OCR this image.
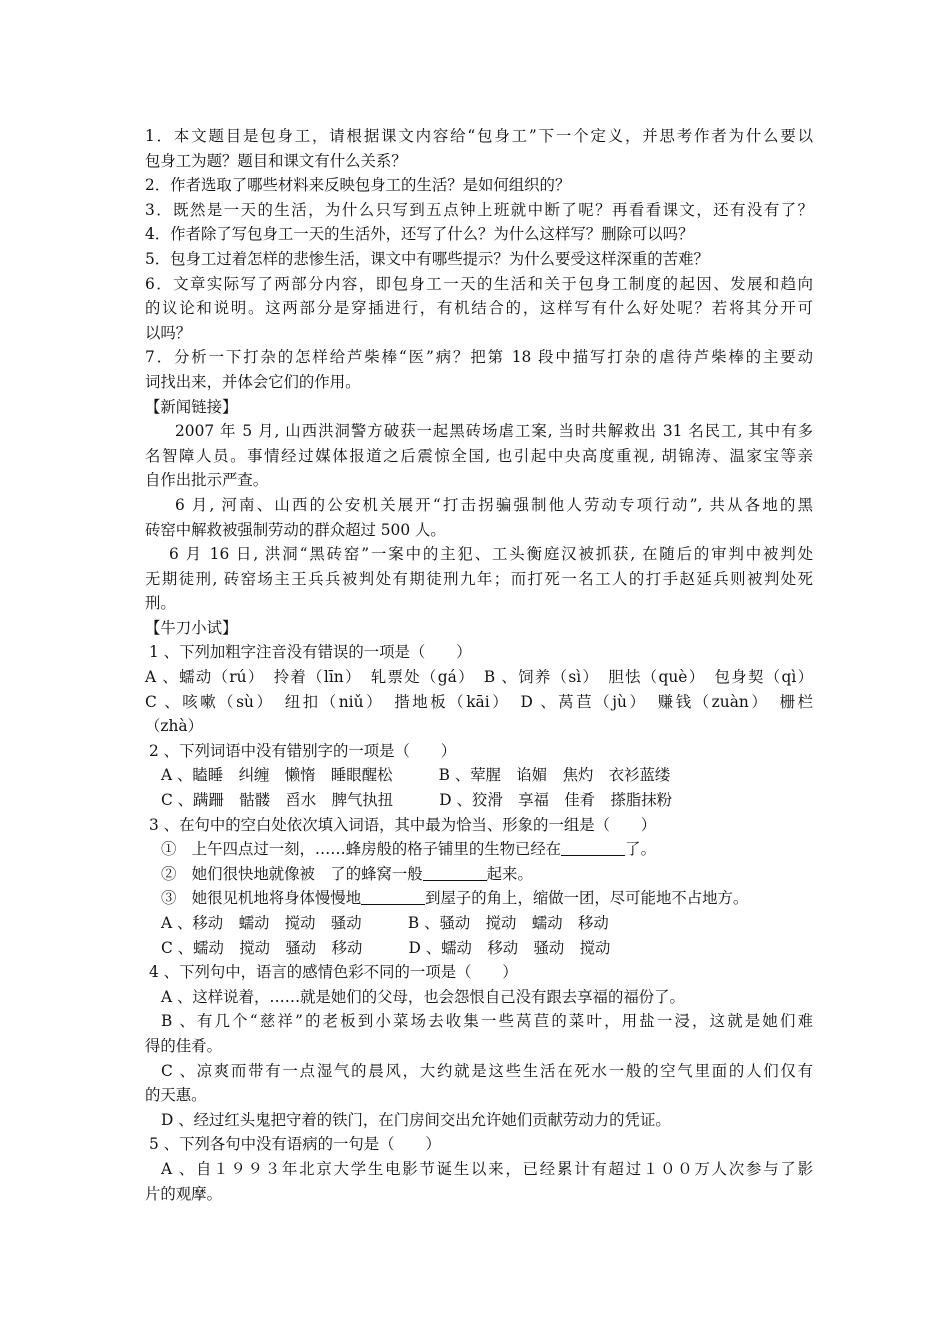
1．本文题目是包身工，请根据课文内容给“包身工”下一个定义，并思考作者为什么要以
包身工为题？题目和课文有什么关系？
2．作者选取了哪些材料来反映包身工的生活？是如何组织的？
3．既然是一天的生活，为什么只写到五点钟上班就中断了呢？再看看课文，还有没有了？
4．作者除了写包身工一天的生活外，还写了什么？为什么这样写？删除可以吗？
5．包身工过着怎样的悲惨生活，课文中有哪些提示？为什么要受这样深重的苦难？
6．文章实际写了两部分内容，即包身工一天的生活和关于包身工制度的起因、发展和趋向
的议论和说明。这两部分是穿插进行，有机结合的，这样写有什么好处呢？若将其分开可
以吗？
7．分析一下打杂的怎样给芦柴棒“医”病？把第 18 段中描写打杂的虐待芦柴棒的主要动
词找出来，并体会它们的作用。
【新闻链接】
2007 年 5 月, 山西洪洞警方破获一起黑砖场虐工案, 当时共解救出 31 名民工, 其中有多
名智障人员。事情经过媒体报道之后震惊全国, 也引起中央高度重视, 胡锦涛、温家宝等亲
自作出批示严查。
6 月, 河南、山西的公安机关展开“打击拐骗强制他人劳动专项行动”, 共从各地的黑
砖窑中解救被强制劳动的群众超过 500 人。
6 月 16 日, 洪洞“黑砖窑”一案中的主犯、工头衡庭汉被抓获, 在随后的审判中被判处
无期徒刑, 砖窑场主王兵兵被判处有期徒刑九年；而打死一名工人的打手赵延兵则被判处死
刑。
【牛刀小试】
1 、下列加粗字注音没有错误的一项是（　　）
A 、蠕动（rú）　拎着（līn）　轧票处（gá）　B 、饲养（sì）　胆怯（què）　包身契（qì）
C 、咳嗽（sù）　纽扣（niǔ）　揩地板（kāi）　D 、莴苣（jù）　赚钱（zuàn）　栅栏
（zhà）
2 、下列词语中没有错别字的一项是（　　）
A 、瞌睡　纠缠　懒惰　睡眼醒松　　　B 、荤腥　谄媚　焦灼　衣衫蓝缕
C 、蹒跚　骷髅　舀水　脾气执扭　　　D 、狡滑　享福　佳肴　搽脂抹粉
3 、在句中的空白处依次填入词语，其中最为恰当、形象的一组是（　　）
①　上午四点过一刻，……蜂房般的格子铺里的生物已经在	了。
②　她们很快地就像被　了的蜂窝一般	起来。
③　她很见机地将身体慢慢地	到屋子的角上，缩做一团，尽可能地不占地方。
A 、移动　蠕动　搅动　骚动　　　B 、骚动　搅动　蠕动　移动
C 、蠕动　搅动　骚动　移动　　　D 、蠕动　移动　骚动　搅动
4 、下列句中，语言的感情色彩不同的一项是（　　）
A 、这样说着，……就是她们的父母，也会怨恨自己没有跟去享福的福份了。
B 、有几个“慈祥”的老板到小菜场去收集一些莴苣的菜叶，用盐一浸，这就是她们难
得的佳肴。
C 、凉爽而带有一点湿气的晨风，大约就是这些生活在死水一般的空气里面的人们仅有
的天惠。
D 、经过红头鬼把守着的铁门，在门房间交出允许她们贡献劳动力的凭证。
5 、下列各句中没有语病的一句是（　　）
A 、自１９９３年北京大学生电影节诞生以来，已经累计有超过１００万人次参与了影
片的观摩。
